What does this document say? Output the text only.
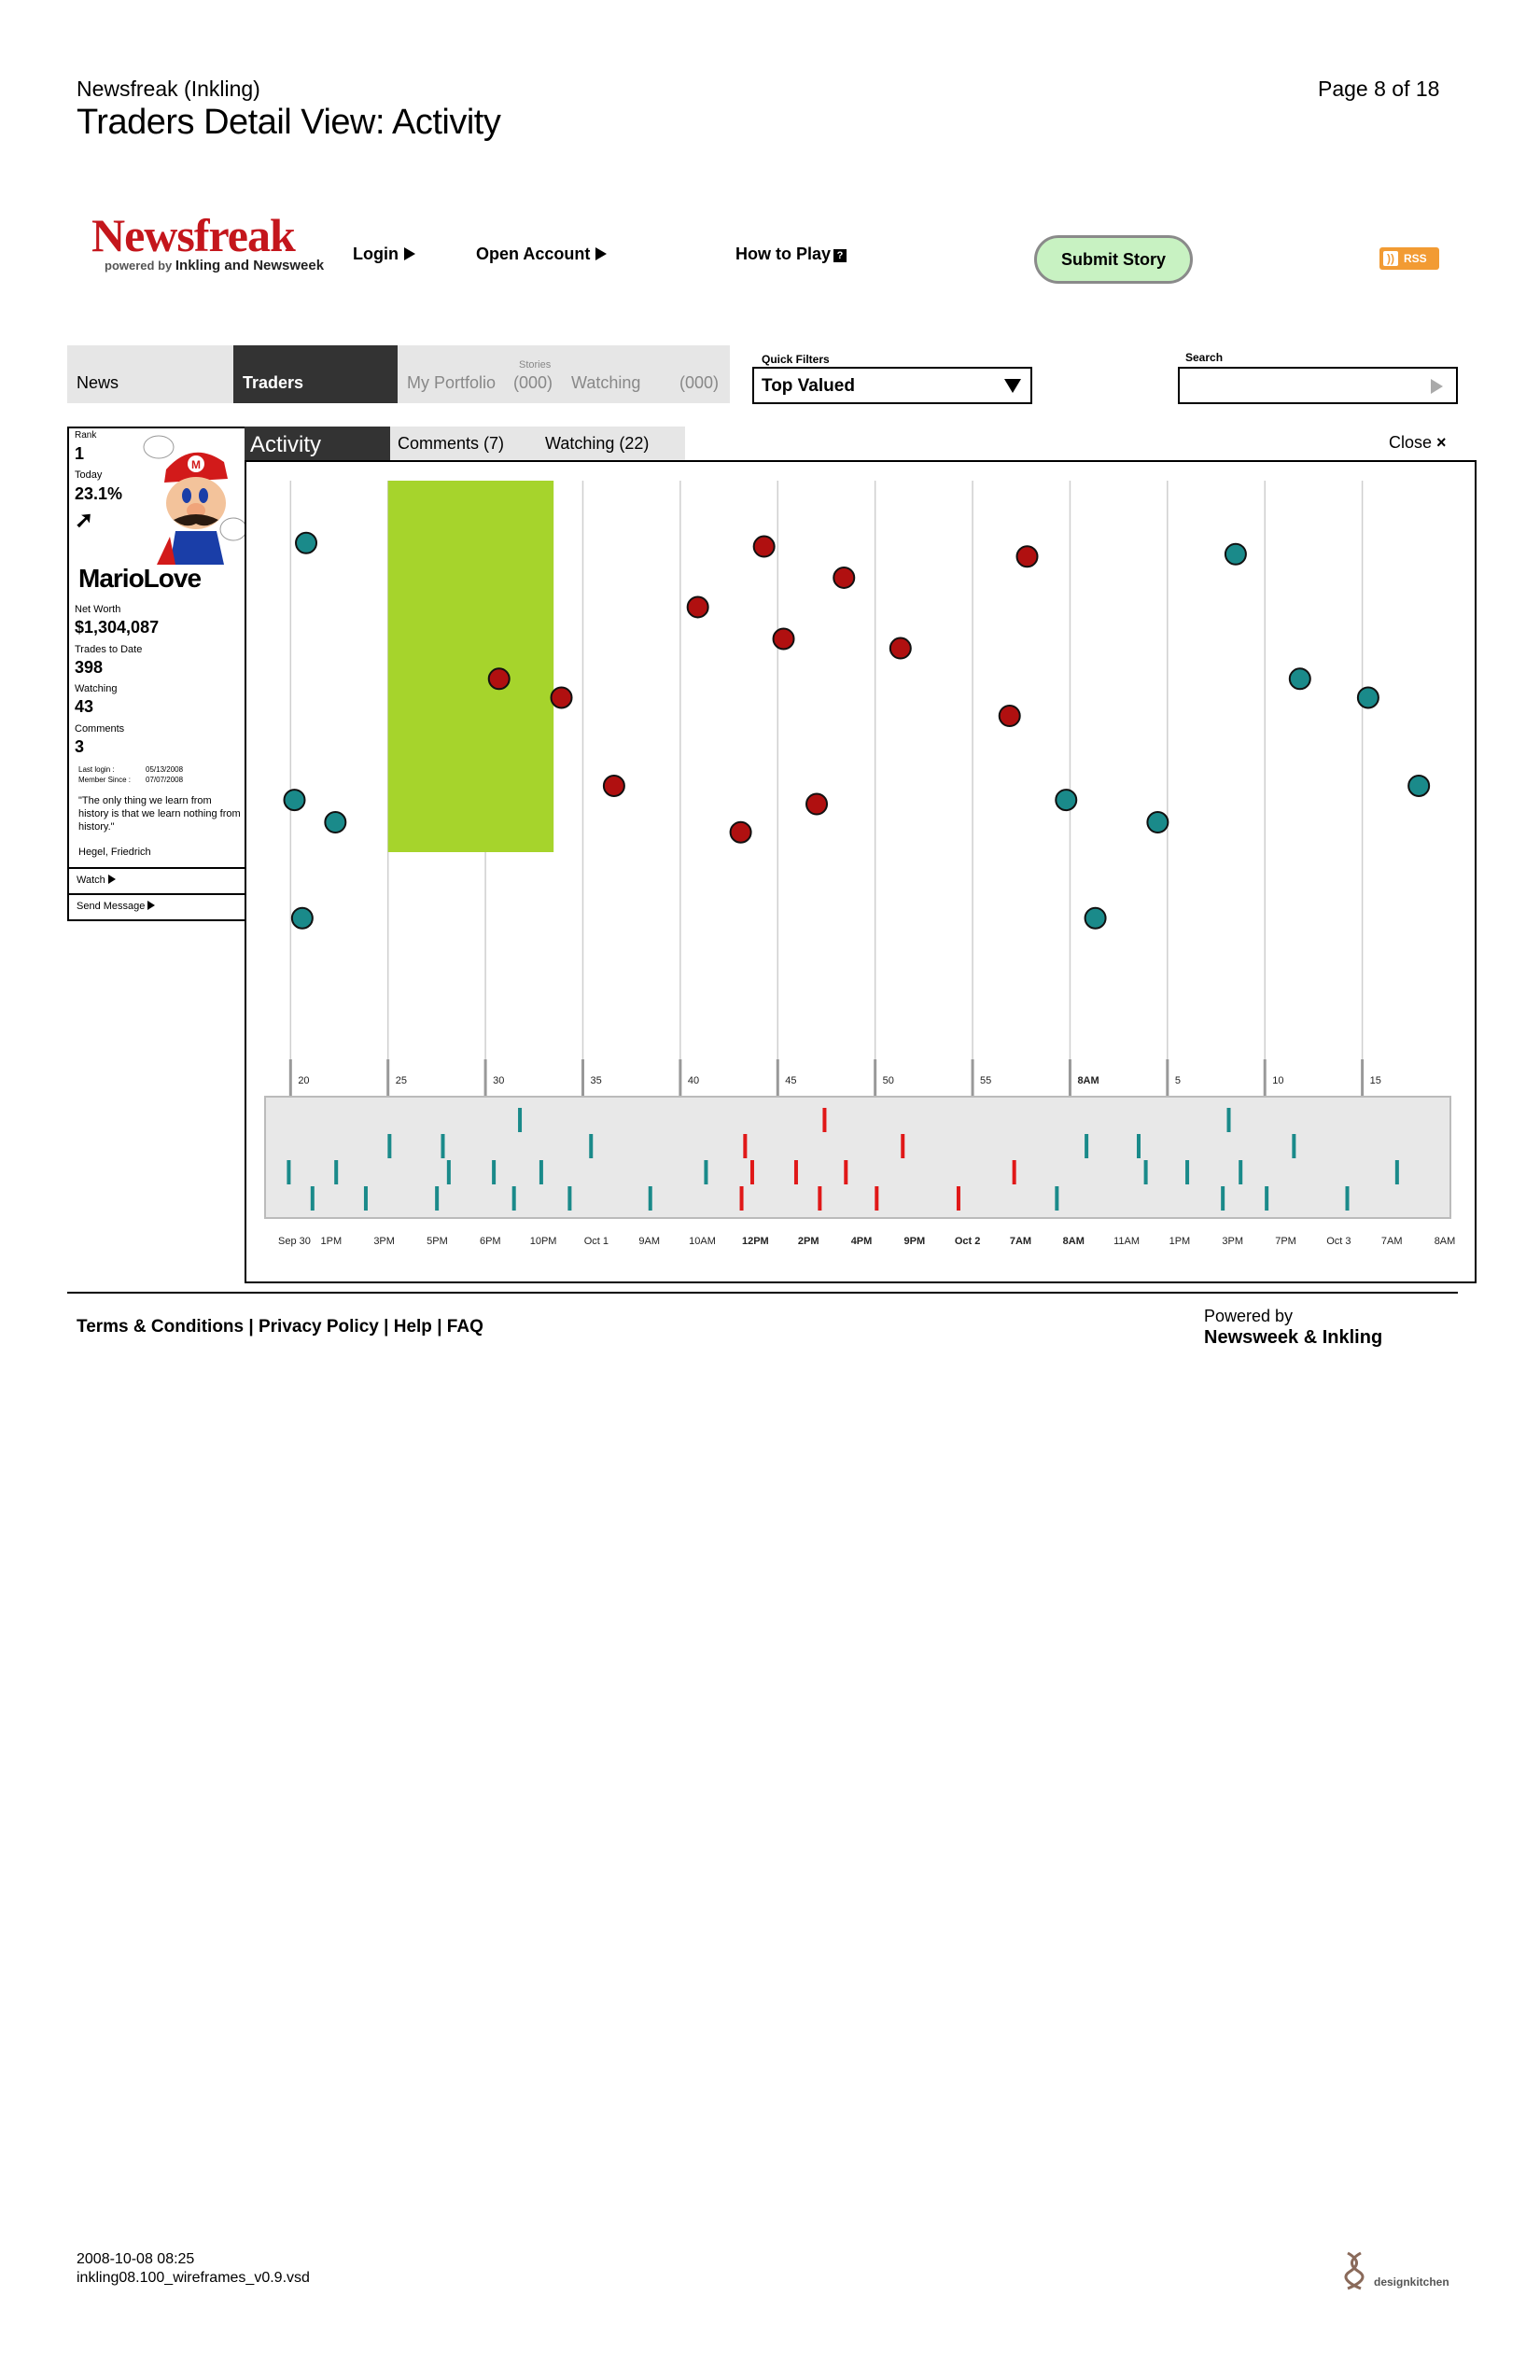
Newsfreak (Inkling)
Traders Detail View: Activity
Page 8 of 18
Newsfreak
powered by Inkling and Newsweek
Login	Open Account	How to Play ?	Submit Story	)) RSS
News	Traders
Stories
My Portfolio	(000)	Watching	(000)
Quick Filters
Top Valued
Search
Rank
1
Today
23.1%
➚
M
MarioLove
Net Worth
$1,304,087
Trades to Date
398
Watching
43
Comments
3
Last login :	05/13/2008
Member Since : 07/07/2008
"The only thing we learn from history is that we learn nothing from history."
Hegel, Friedrich
Watch
Send Message
Activity	Comments (7) Watching (22)	Close ×
20	25	30	35	40	45	50	55	8AM	5	10	15
Sep 30 1PM	3PM	5PM	6PM	10PM	Oct 1	9AM	10AM	12PM	2PM	4PM	9PM	Oct 2	7AM	8AM	11AM	1PM	3PM	7PM	Oct 3	7AM	8AM
Terms & Conditions | Privacy Policy | Help | FAQ
Powered by
Newsweek & Inkling
2008-10-08 08:25
inkling08.100_wireframes_v0.9.vsd	designkitchen
